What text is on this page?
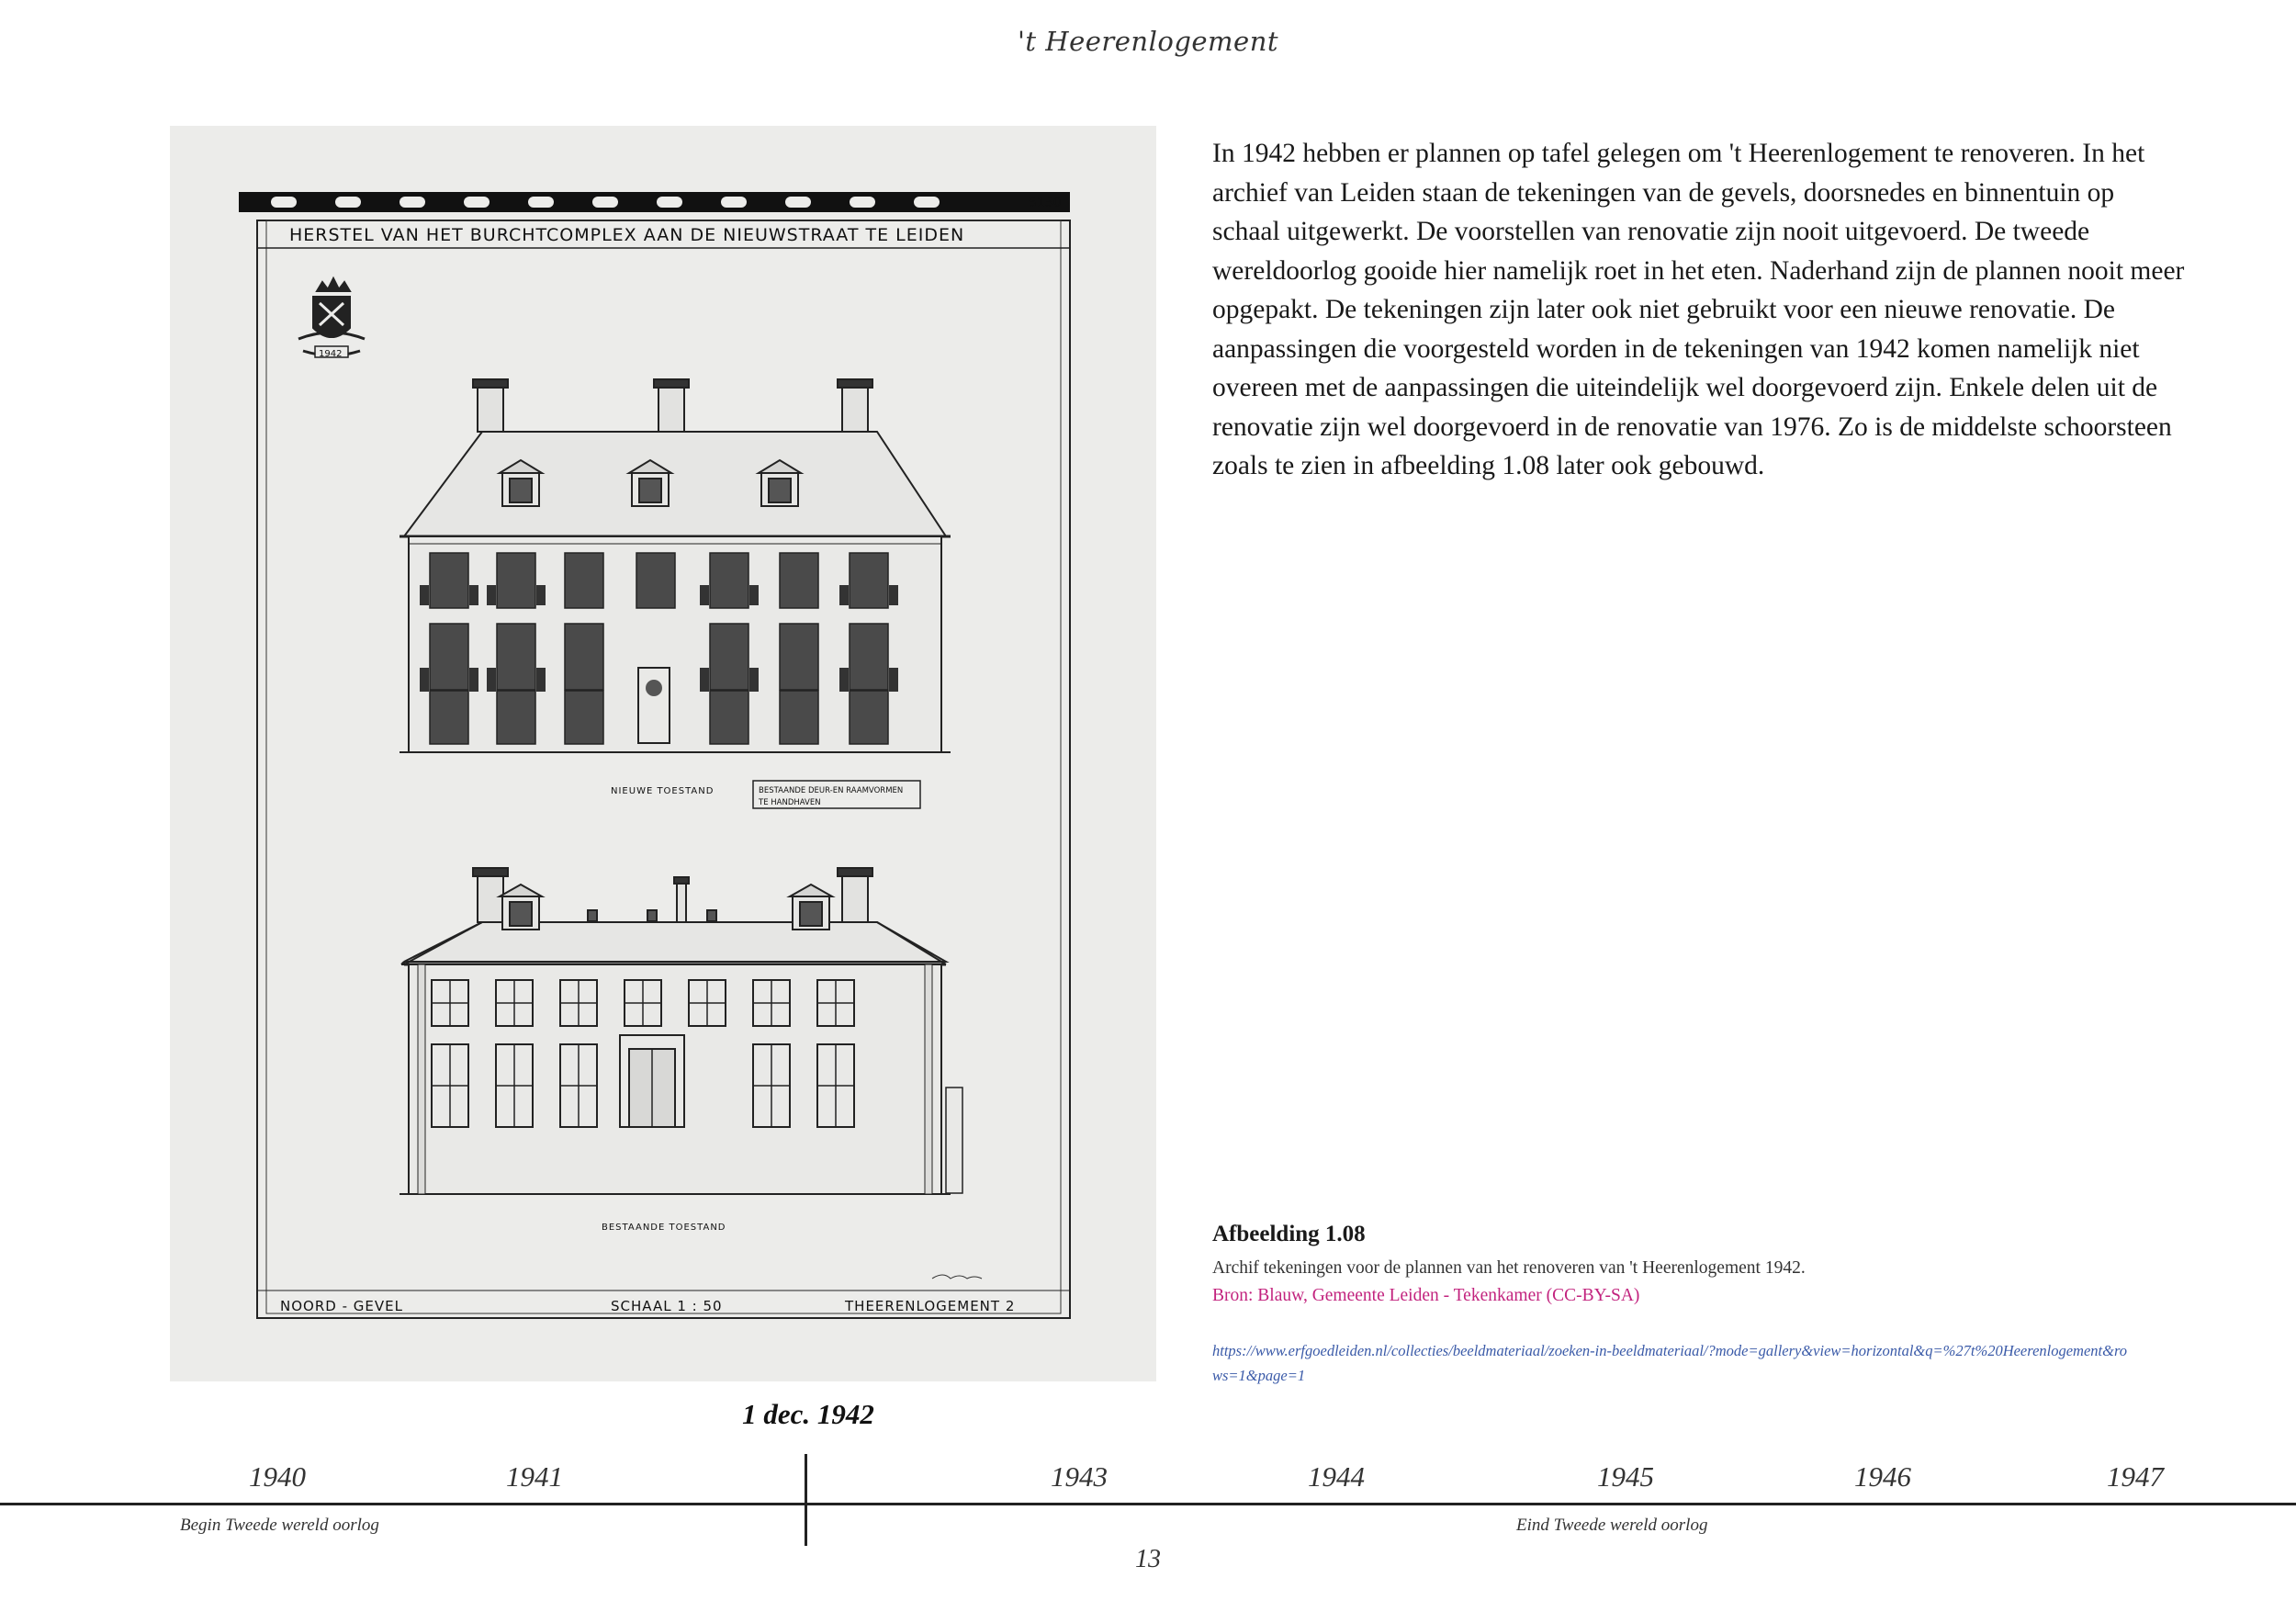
't Heerenlogement
5150
HERSTEL VAN HET BURCHTCOMPLEX AAN DE NIEUWSTRAAT TE LEIDEN
1942
NIEUWE TOESTAND	BESTAANDE DEUR-EN RAAMVORMEN
TE HANDHAVEN
BESTAANDE TOESTAND
NOORD - GEVEL	SCHAAL 1 : 50	THEERENLOGEMENT 2

In 1942 hebben er plannen op tafel gelegen om 't Heerenlogement te renoveren. In het archief van Leiden staan de tekeningen van de gevels, doorsnedes en binnentuin op schaal uitgewerkt. De voorstellen van renovatie zijn nooit uitgevoerd. De tweede wereldoorlog gooide hier namelijk roet in het eten. Naderhand zijn de plannen nooit meer opgepakt. De tekeningen zijn later ook niet gebruikt voor een nieuwe renovatie. De aanpassingen die voorgesteld worden in de tekeningen van 1942 komen namelijk niet overeen met de aanpassingen die uiteindelijk wel doorgevoerd zijn. Enkele delen uit de renovatie zijn wel doorgevoerd in de renovatie van 1976. Zo is de middelste schoorsteen zoals te zien in afbeelding 1.08 later ook gebouwd.

Afbeelding 1.08
Archif tekeningen voor de plannen van het renoveren van 't Heerenlogement 1942.
Bron: Blauw, Gemeente Leiden - Tekenkamer (CC-BY-SA)
https://www.erfgoedleiden.nl/collecties/beeldmateriaal/zoeken-in-beeldmateriaal/?mode=gallery&view=horizontal&q=%27t%20Heerenlogement&rows=1&page=1
1 dec. 1942
1940	1941	1943	1944	1945	1946	1947
Begin Tweede wereld oorlog	Eind Tweede wereld oorlog
13
